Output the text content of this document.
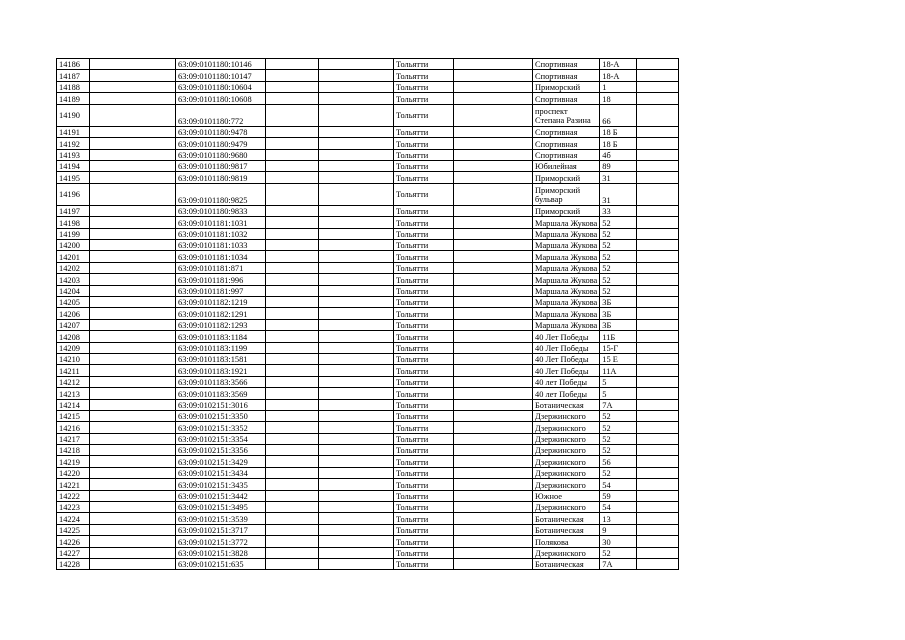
14186		63:09:0101180:10146			Тольятти		Спортивная	18-А	
14187		63:09:0101180:10147			Тольятти		Спортивная	18-А	
14188		63:09:0101180:10604			Тольятти		Приморский	1	
14189		63:09:0101180:10608			Тольятти		Спортивная	18	
14190		63:09:0101180:772			Тольятти		проспект Степана Разина	66	
14191		63:09:0101180:9478			Тольятти		Спортивная	18 Б	
14192		63:09:0101180:9479			Тольятти		Спортивная	18 Б	
14193		63:09:0101180:9680			Тольятти		Спортивная	4б	
14194		63:09:0101180:9817			Тольятти		Юбилейная	89	
14195		63:09:0101180:9819			Тольятти		Приморский	31	
14196		63:09:0101180:9825			Тольятти		Приморский бульвар	31	
14197		63:09:0101180:9833			Тольятти		Приморский	33	
14198		63:09:0101181:1031			Тольятти		Маршала Жукова	52	
14199		63:09:0101181:1032			Тольятти		Маршала Жукова	52	
14200		63:09:0101181:1033			Тольятти		Маршала Жукова	52	
14201		63:09:0101181:1034			Тольятти		Маршала Жукова	52	
14202		63:09:0101181:871			Тольятти		Маршала Жукова	52	
14203		63:09:0101181:996			Тольятти		Маршала Жукова	52	
14204		63:09:0101181:997			Тольятти		Маршала Жукова	52	
14205		63:09:0101182:1219			Тольятти		Маршала Жукова	3Б	
14206		63:09:0101182:1291			Тольятти		Маршала Жукова	3Б	
14207		63:09:0101182:1293			Тольятти		Маршала Жукова	3Б	
14208		63:09:0101183:1184			Тольятти		40 Лет Победы	11Б	
14209		63:09:0101183:1199			Тольятти		40 Лет Победы	15-Г	
14210		63:09:0101183:1581			Тольятти		40 Лет Победы	15 Е	
14211		63:09:0101183:1921			Тольятти		40 Лет Победы	11А	
14212		63:09:0101183:3566			Тольятти		40 лет Победы	5	
14213		63:09:0101183:3569			Тольятти		40 лет Победы	5	
14214		63:09:0102151:3016			Тольятти		Ботаническая	7А	
14215		63:09:0102151:3350			Тольятти		Дзержинского	52	
14216		63:09:0102151:3352			Тольятти		Дзержинского	52	
14217		63:09:0102151:3354			Тольятти		Дзержинского	52	
14218		63:09:0102151:3356			Тольятти		Дзержинского	52	
14219		63:09:0102151:3429			Тольятти		Дзержинского	56	
14220		63:09:0102151:3434			Тольятти		Дзержинского	52	
14221		63:09:0102151:3435			Тольятти		Дзержинского	54	
14222		63:09:0102151:3442			Тольятти		Южное	59	
14223		63:09:0102151:3495			Тольятти		Дзержинского	54	
14224		63:09:0102151:3539			Тольятти		Ботаническая	13	
14225		63:09:0102151:3717			Тольятти		Ботаническая	9	
14226		63:09:0102151:3772			Тольятти		Полякова	30	
14227		63:09:0102151:3828			Тольятти		Дзержинского	52	
14228		63:09:0102151:635			Тольятти		Ботаническая	7А	
